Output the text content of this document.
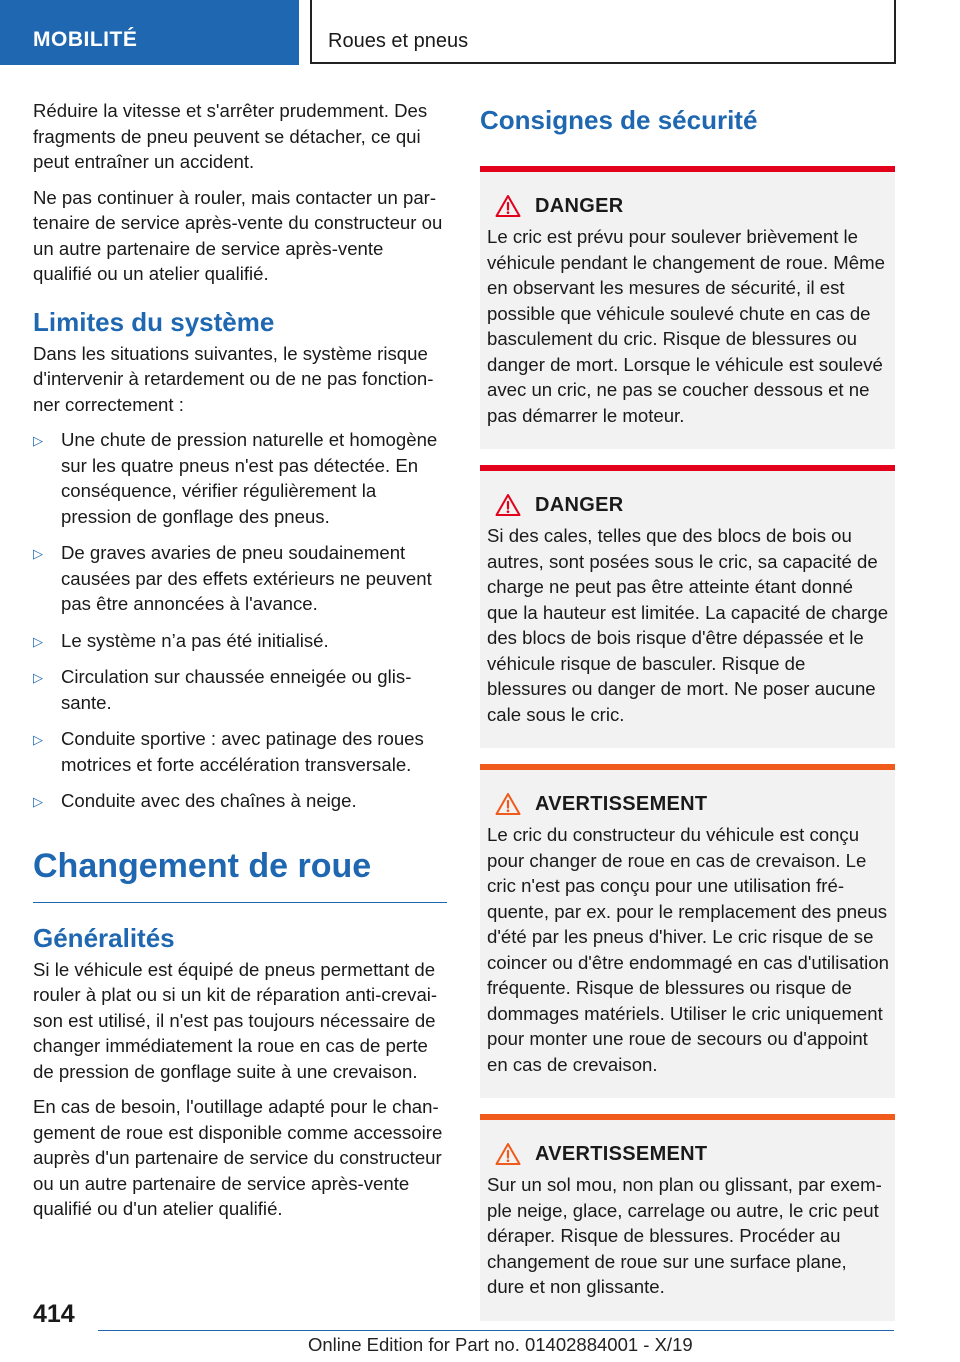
MOBILITÉ	Roues et pneus

Réduire la vitesse et s'arrêter prudemment. Des fragments de pneu peuvent se détacher, ce qui peut entraîner un accident.

Ne pas continuer à rouler, mais contacter un partenaire de service après-vente du constructeur ou un autre partenaire de service après-vente qualifié ou un atelier qualifié.

Limites du système

Dans les situations suivantes, le système risque d'intervenir à retardement ou de ne pas fonctionner correctement :

▷ Une chute de pression naturelle et homogène sur les quatre pneus n'est pas détectée. En conséquence, vérifier régulièrement la pression de gonflage des pneus.
▷ De graves avaries de pneu soudainement causées par des effets extérieurs ne peuvent pas être annoncées à l'avance.
▷ Le système n’a pas été initialisé.
▷ Circulation sur chaussée enneigée ou glissante.
▷ Conduite sportive : avec patinage des roues motrices et forte accélération transversale.
▷ Conduite avec des chaînes à neige.
Changement de roue
Généralités

Si le véhicule est équipé de pneus permettant de rouler à plat ou si un kit de réparation anti-crevaison est utilisé, il n'est pas toujours nécessaire de changer immédiatement la roue en cas de perte de pression de gonflage suite à une crevaison.

En cas de besoin, l'outillage adapté pour le changement de roue est disponible comme accessoire auprès d'un partenaire de service du constructeur ou un autre partenaire de service après-vente qualifié ou d'un atelier qualifié.

Consignes de sécurité
DANGER

Le cric est prévu pour soulever brièvement le véhicule pendant le changement de roue. Même en observant les mesures de sécurité, il est possible que véhicule soulevé chute en cas de basculement du cric. Risque de blessures ou danger de mort. Lorsque le véhicule est soulevé avec un cric, ne pas se coucher dessous et ne pas démarrer le moteur.

DANGER

Si des cales, telles que des blocs de bois ou autres, sont posées sous le cric, sa capacité de charge ne peut pas être atteinte étant donné que la hauteur est limitée. La capacité de charge des blocs de bois risque d'être dépassée et le véhicule risque de basculer. Risque de blessures ou danger de mort. Ne poser aucune cale sous le cric.

AVERTISSEMENT

Le cric du constructeur du véhicule est conçu pour changer de roue en cas de crevaison. Le cric n'est pas conçu pour une utilisation fréquente, par ex. pour le remplacement des pneus d'été par les pneus d'hiver. Le cric risque de se coincer ou d'être endommagé en cas d'utilisation fréquente. Risque de blessures ou risque de dommages matériels. Utiliser le cric uniquement pour monter une roue de secours ou d'appoint en cas de crevaison.

AVERTISSEMENT

Sur un sol mou, non plan ou glissant, par exemple neige, glace, carrelage ou autre, le cric peut déraper. Risque de blessures. Procéder au changement de roue sur une surface plane, dure et non glissante.

414
Online Edition for Part no. 01402884001 - X/19
